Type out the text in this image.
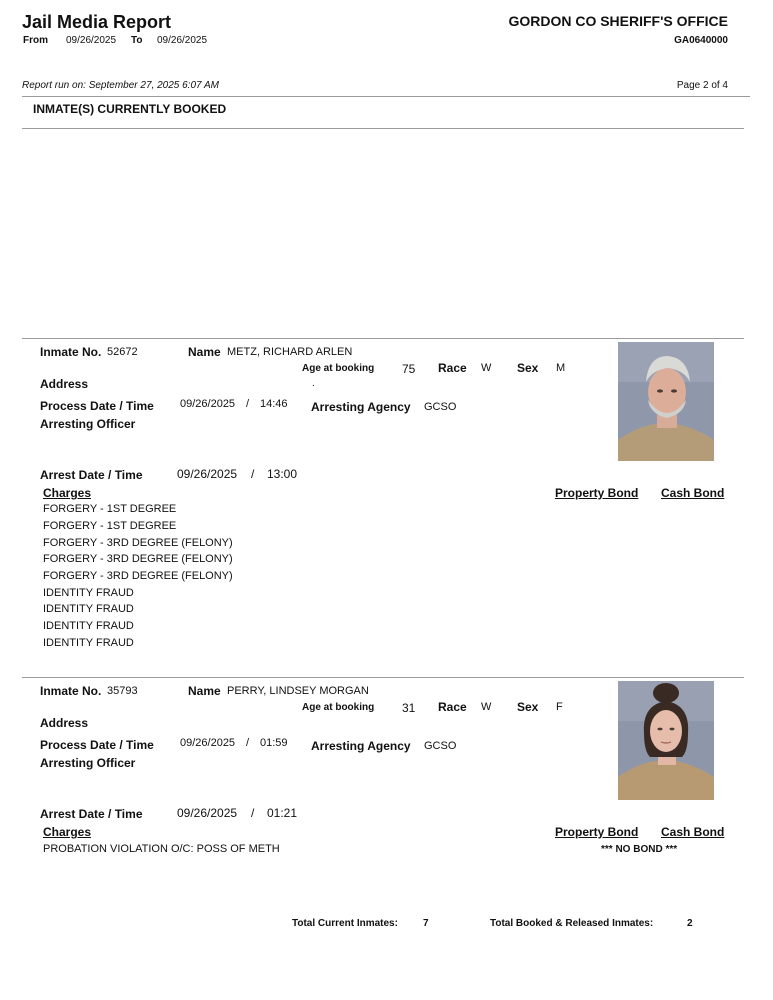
Jail Media Report
From 09/26/2025 To 09/26/2025
GORDON CO SHERIFF'S OFFICE
GA0640000
Report run on: September 27, 2025 6:07 AM	Page 2 of 4
INMATE(S) CURRENTLY BOOKED
Inmate No. 52672	Name METZ, RICHARD ARLEN
Age at booking 75 Race W Sex M
Address	.
Process Date / Time 09/26/2025 / 14:46 Arresting Agency GCSO
Arresting Officer
Arrest Date / Time	09/26/2025 / 13:00
Charges	Property Bond Cash Bond
FORGERY - 1ST DEGREE
FORGERY - 1ST DEGREE
FORGERY - 3RD DEGREE (FELONY)
FORGERY - 3RD DEGREE (FELONY)
FORGERY - 3RD DEGREE (FELONY)
IDENTITY FRAUD
IDENTITY FRAUD
IDENTITY FRAUD
IDENTITY FRAUD
Inmate No. 35793	Name PERRY, LINDSEY MORGAN
Age at booking 31 Race W Sex F
Address
Process Date / Time 09/26/2025 / 01:59 Arresting Agency GCSO
Arresting Officer
Arrest Date / Time	09/26/2025 / 01:21
Charges	Property Bond Cash Bond
PROBATION VIOLATION O/C: POSS OF METH	*** NO BOND ***
Total Current Inmates:	7	Total Booked & Released Inmates:	2
